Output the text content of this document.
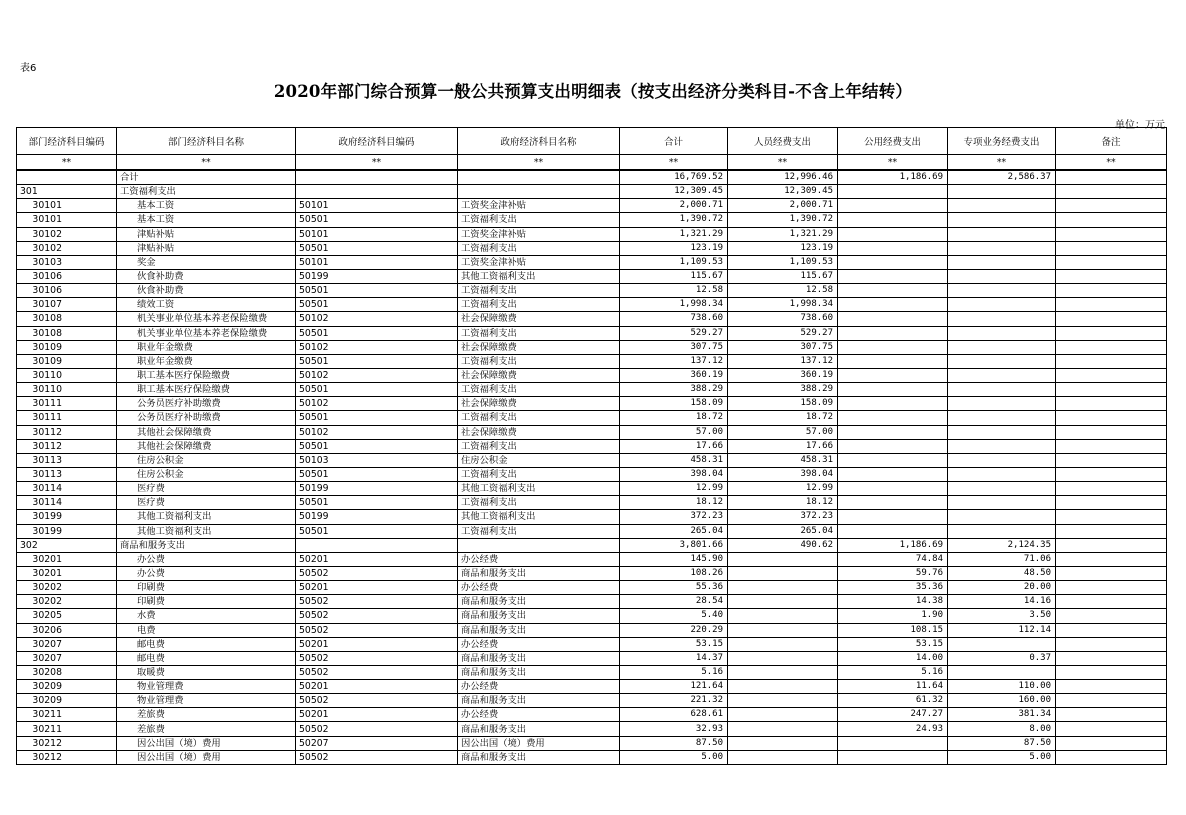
表6
2020年部门综合预算一般公共预算支出明细表（按支出经济分类科目-不含上年结转）
单位：万元
部门经济科目编码	部门经济科目名称	政府经济科目编码	政府经济科目名称	合计	人员经费支出	公用经费支出	专项业务经费支出	备注
**	**	**	**	**	**	**	**	**
	合计			16,769.52	12,996.46	1,186.69	2,586.37	
301	工资福利支出			12,309.45	12,309.45			
30101	基本工资	50101	工资奖金津补贴	2,000.71	2,000.71			
30101	基本工资	50501	工资福利支出	1,390.72	1,390.72			
30102	津贴补贴	50101	工资奖金津补贴	1,321.29	1,321.29			
30102	津贴补贴	50501	工资福利支出	123.19	123.19			
30103	奖金	50101	工资奖金津补贴	1,109.53	1,109.53			
30106	伙食补助费	50199	其他工资福利支出	115.67	115.67			
30106	伙食补助费	50501	工资福利支出	12.58	12.58			
30107	绩效工资	50501	工资福利支出	1,998.34	1,998.34			
30108	机关事业单位基本养老保险缴费	50102	社会保障缴费	738.60	738.60			
30108	机关事业单位基本养老保险缴费	50501	工资福利支出	529.27	529.27			
30109	职业年金缴费	50102	社会保障缴费	307.75	307.75			
30109	职业年金缴费	50501	工资福利支出	137.12	137.12			
30110	职工基本医疗保险缴费	50102	社会保障缴费	360.19	360.19			
30110	职工基本医疗保险缴费	50501	工资福利支出	388.29	388.29			
30111	公务员医疗补助缴费	50102	社会保障缴费	158.09	158.09			
30111	公务员医疗补助缴费	50501	工资福利支出	18.72	18.72			
30112	其他社会保障缴费	50102	社会保障缴费	57.00	57.00			
30112	其他社会保障缴费	50501	工资福利支出	17.66	17.66			
30113	住房公积金	50103	住房公积金	458.31	458.31			
30113	住房公积金	50501	工资福利支出	398.04	398.04			
30114	医疗费	50199	其他工资福利支出	12.99	12.99			
30114	医疗费	50501	工资福利支出	18.12	18.12			
30199	其他工资福利支出	50199	其他工资福利支出	372.23	372.23			
30199	其他工资福利支出	50501	工资福利支出	265.04	265.04			
302	商品和服务支出			3,801.66	490.62	1,186.69	2,124.35	
30201	办公费	50201	办公经费	145.90		74.84	71.06	
30201	办公费	50502	商品和服务支出	108.26		59.76	48.50	
30202	印刷费	50201	办公经费	55.36		35.36	20.00	
30202	印刷费	50502	商品和服务支出	28.54		14.38	14.16	
30205	水费	50502	商品和服务支出	5.40		1.90	3.50	
30206	电费	50502	商品和服务支出	220.29		108.15	112.14	
30207	邮电费	50201	办公经费	53.15		53.15		
30207	邮电费	50502	商品和服务支出	14.37		14.00	0.37	
30208	取暖费	50502	商品和服务支出	5.16		5.16		
30209	物业管理费	50201	办公经费	121.64		11.64	110.00	
30209	物业管理费	50502	商品和服务支出	221.32		61.32	160.00	
30211	差旅费	50201	办公经费	628.61		247.27	381.34	
30211	差旅费	50502	商品和服务支出	32.93		24.93	8.00	
30212	因公出国（境）费用	50207	因公出国（境）费用	87.50			87.50	
30212	因公出国（境）费用	50502	商品和服务支出	5.00			5.00	
